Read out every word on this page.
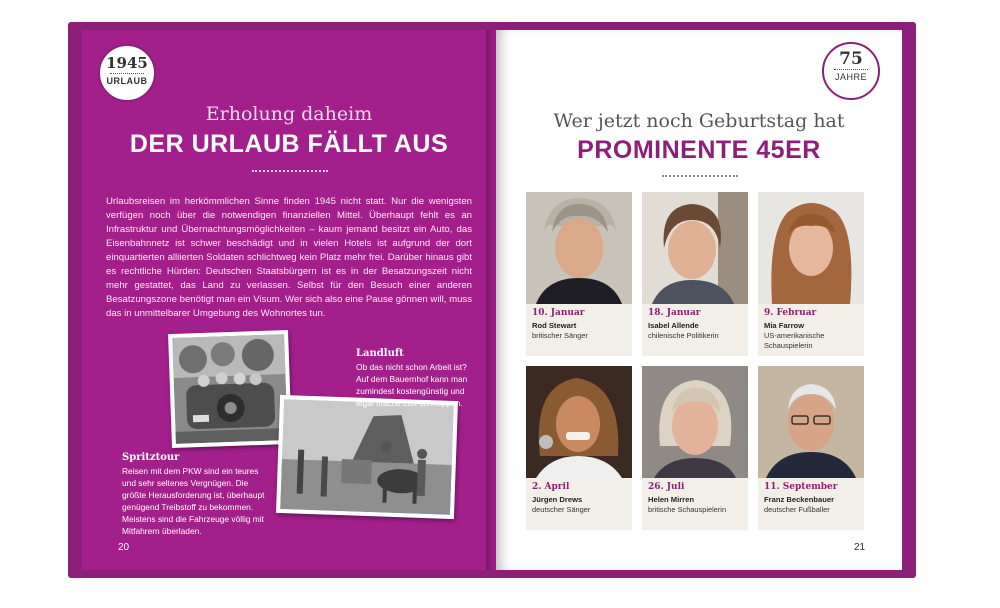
1945
URLAUB
Erholung daheim
DER URLAUB FÄLLT AUS
Urlaubsreisen im herkömmlichen Sinne finden 1945 nicht statt. Nur die wenigsten verfügen noch über die notwendigen finanziellen Mittel. Überhaupt fehlt es an Infrastruktur und Übernachtungsmöglichkeiten – kaum jemand besitzt ein Auto, das Eisenbahnnetz ist schwer beschädigt und in vielen Hotels ist aufgrund der dort einquartierten alliierten Soldaten schlichtweg kein Platz mehr frei. Darüber hinaus gibt es rechtliche Hürden: Deutschen Staatsbürgern ist es in der Besatzungszeit nicht mehr gestattet, das Land zu verlassen. Selbst für den Besuch einer anderen Besatzungszone benötigt man ein Visum. Wer sich also eine Pause gönnen will, muss das in unmittelbarer Umgebung des Wohnortes tun.
Landluft
Ob das nicht schon Arbeit ist? Auf dem Bauernhof kann man zumindest kostengünstig und legal frische Luft schnappen.
Spritztour
Reisen mit dem PKW sind ein teures und sehr seltenes Vergnügen. Die größte Herausforderung ist, überhaupt genügend Treibstoff zu bekommen. Meistens sind die Fahrzeuge völlig mit Mitfahrern überladen.
20
75
JAHRE
Wer jetzt noch Geburtstag hat
PROMINENTE 45ER
10. Januar
Rod Stewart
britischer Sänger
18. Januar
Isabel Allende
chilenische Politikerin
9. Februar
Mia Farrow
US-amerikanische Schauspielerin
2. April
Jürgen Drews
deutscher Sänger
26. Juli
Helen Mirren
britische Schauspielerin
11. September
Franz Beckenbauer
deutscher Fußballer
21
